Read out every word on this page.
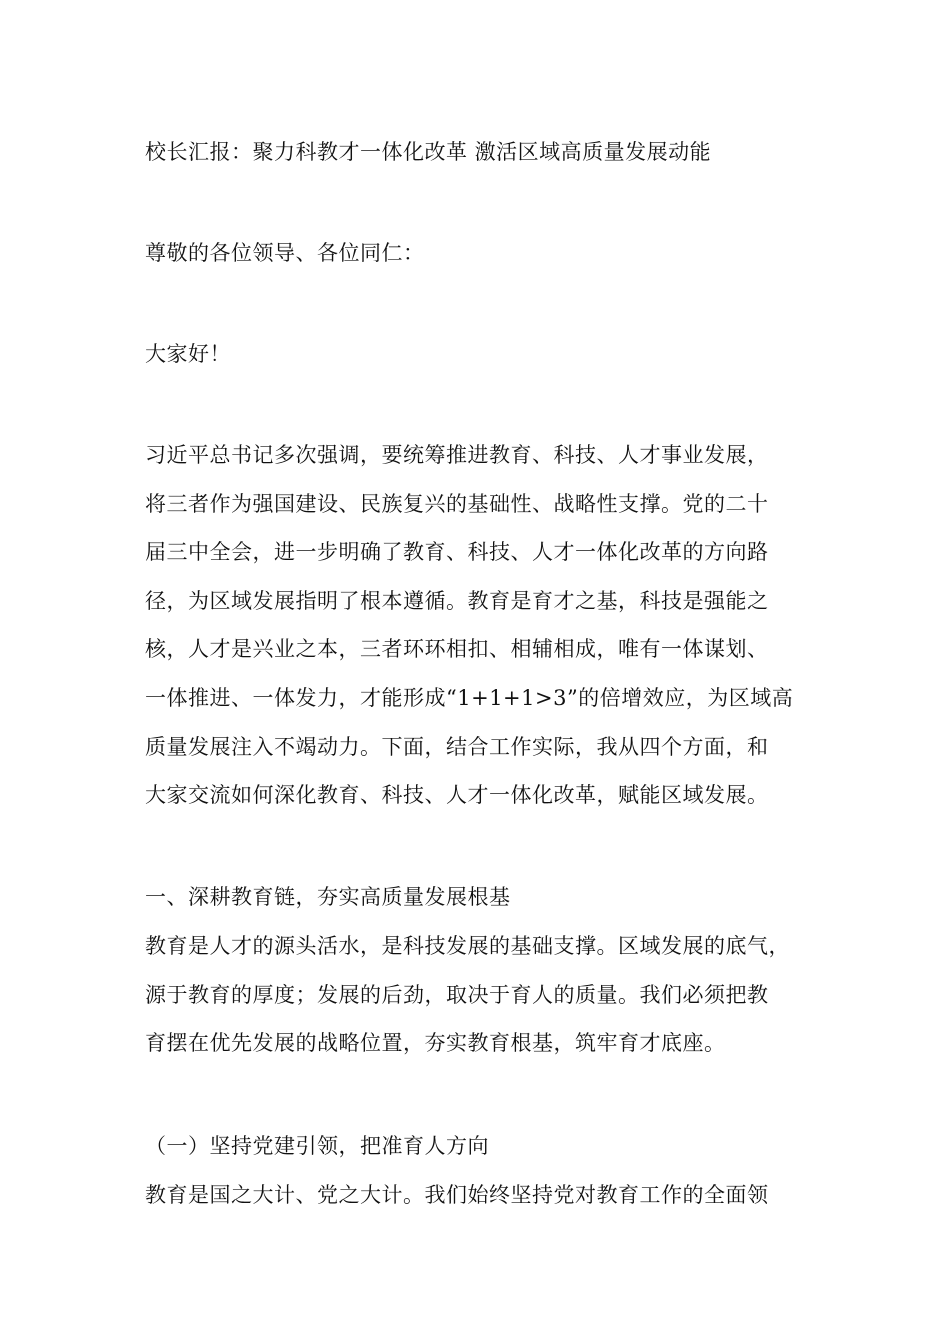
校长汇报：聚力科教才一体化改革 激活区域高质量发展动能

尊敬的各位领导、各位同仁：

大家好！

习近平总书记多次强调，要统筹推进教育、科技、人才事业发展，
将三者作为强国建设、民族复兴的基础性、战略性支撑。党的二十
届三中全会，进一步明确了教育、科技、人才一体化改革的方向路
径，为区域发展指明了根本遵循。教育是育才之基，科技是强能之
核，人才是兴业之本，三者环环相扣、相辅相成，唯有一体谋划、
一体推进、一体发力，才能形成“1+1+1>3”的倍增效应，为区域高
质量发展注入不竭动力。下面，结合工作实际，我从四个方面，和
大家交流如何深化教育、科技、人才一体化改革，赋能区域发展。

一、深耕教育链，夯实高质量发展根基

教育是人才的源头活水，是科技发展的基础支撑。区域发展的底气，
源于教育的厚度；发展的后劲，取决于育人的质量。我们必须把教
育摆在优先发展的战略位置，夯实教育根基，筑牢育才底座。

（一）坚持党建引领，把准育人方向

教育是国之大计、党之大计。我们始终坚持党对教育工作的全面领
